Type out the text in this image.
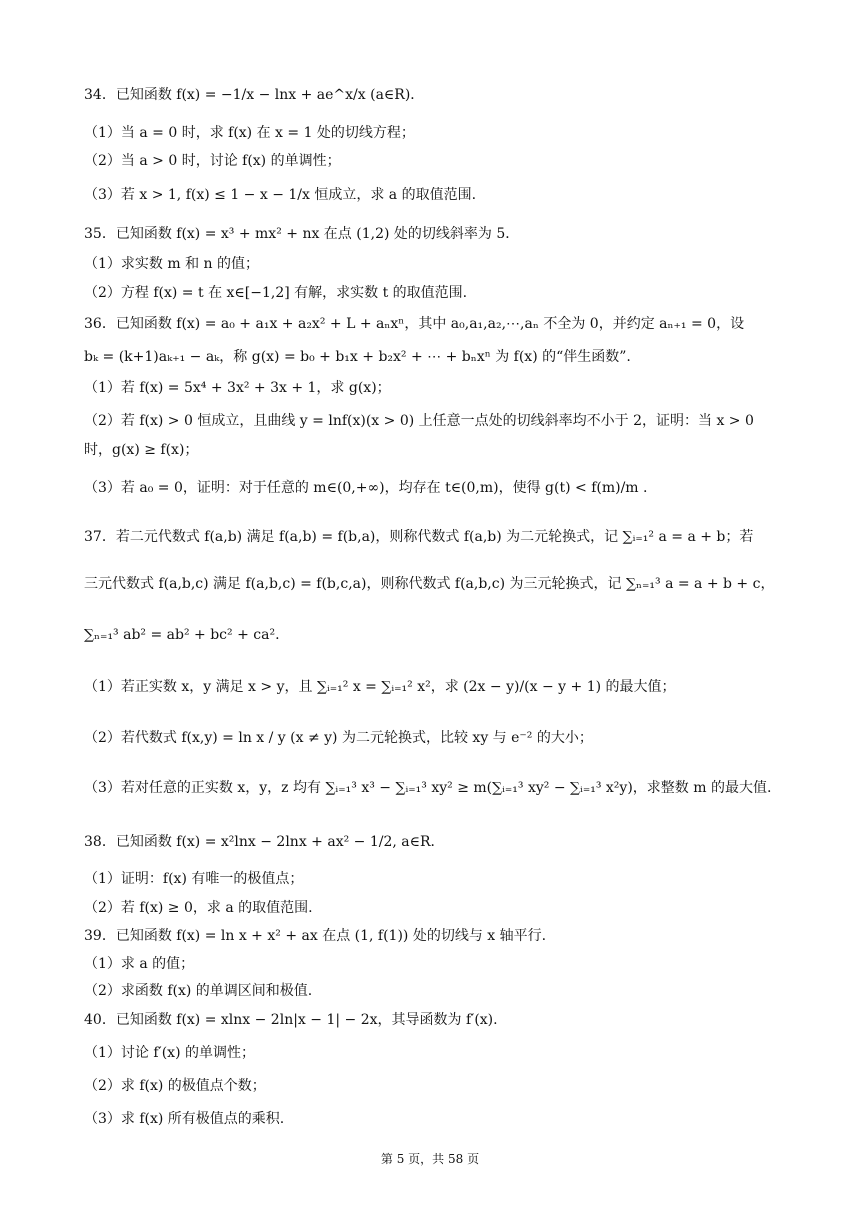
34．已知函数 f(x) = −1/x − lnx + ae^x/x (a∈R)．
（1）当 a = 0 时，求 f(x) 在 x = 1 处的切线方程；
（2）当 a > 0 时，讨论 f(x) 的单调性；
（3）若 x > 1, f(x) ≤ 1 − x − 1/x 恒成立，求 a 的取值范围.
35．已知函数 f(x) = x³ + mx² + nx 在点 (1,2) 处的切线斜率为 5．
（1）求实数 m 和 n 的值；
（2）方程 f(x) = t 在 x∈[−1,2] 有解，求实数 t 的取值范围.
36．已知函数 f(x) = a₀ + a₁x + a₂x² + L + aₙxⁿ，其中 a₀,a₁,a₂,⋯,aₙ 不全为 0，并约定 aₙ₊₁ = 0，设
bₖ = (k+1)aₖ₊₁ − aₖ，称 g(x) = b₀ + b₁x + b₂x² + ⋯ + bₙxⁿ 为 f(x) 的“伴生函数”.
（1）若 f(x) = 5x⁴ + 3x² + 3x + 1，求 g(x)；
（2）若 f(x) > 0 恒成立，且曲线 y = lnf(x)(x > 0) 上任意一点处的切线斜率均不小于 2，证明：当 x > 0
时，g(x) ≥ f(x)；
（3）若 a₀ = 0，证明：对于任意的 m∈(0,+∞)，均存在 t∈(0,m)，使得 g(t) < f(m)/m .
37．若二元代数式 f(a,b) 满足 f(a,b) = f(b,a)，则称代数式 f(a,b) 为二元轮换式，记 ∑ᵢ₌₁² a = a + b；若
三元代数式 f(a,b,c) 满足 f(a,b,c) = f(b,c,a)，则称代数式 f(a,b,c) 为三元轮换式，记 ∑ₙ₌₁³ a = a + b + c，
∑ₙ₌₁³ ab² = ab² + bc² + ca².
（1）若正实数 x，y 满足 x > y，且 ∑ᵢ₌₁² x = ∑ᵢ₌₁² x²，求 (2x − y)/(x − y + 1) 的最大值；
（2）若代数式 f(x,y) = ln x / y (x ≠ y) 为二元轮换式，比较 xy 与 e⁻² 的大小；
（3）若对任意的正实数 x，y，z 均有 ∑ᵢ₌₁³ x³ − ∑ᵢ₌₁³ xy² ≥ m(∑ᵢ₌₁³ xy² − ∑ᵢ₌₁³ x²y)，求整数 m 的最大值.
38．已知函数 f(x) = x²lnx − 2lnx + ax² − 1/2, a∈R．
（1）证明：f(x) 有唯一的极值点；
（2）若 f(x) ≥ 0，求 a 的取值范围.
39．已知函数 f(x) = ln x + x² + ax 在点 (1, f(1)) 处的切线与 x 轴平行.
（1）求 a 的值；
（2）求函数 f(x) 的单调区间和极值.
40．已知函数 f(x) = xlnx − 2ln|x − 1| − 2x，其导函数为 f′(x).
（1）讨论 f′(x) 的单调性；
（2）求 f(x) 的极值点个数；
（3）求 f(x) 所有极值点的乘积.
第 5 页，共 58 页
